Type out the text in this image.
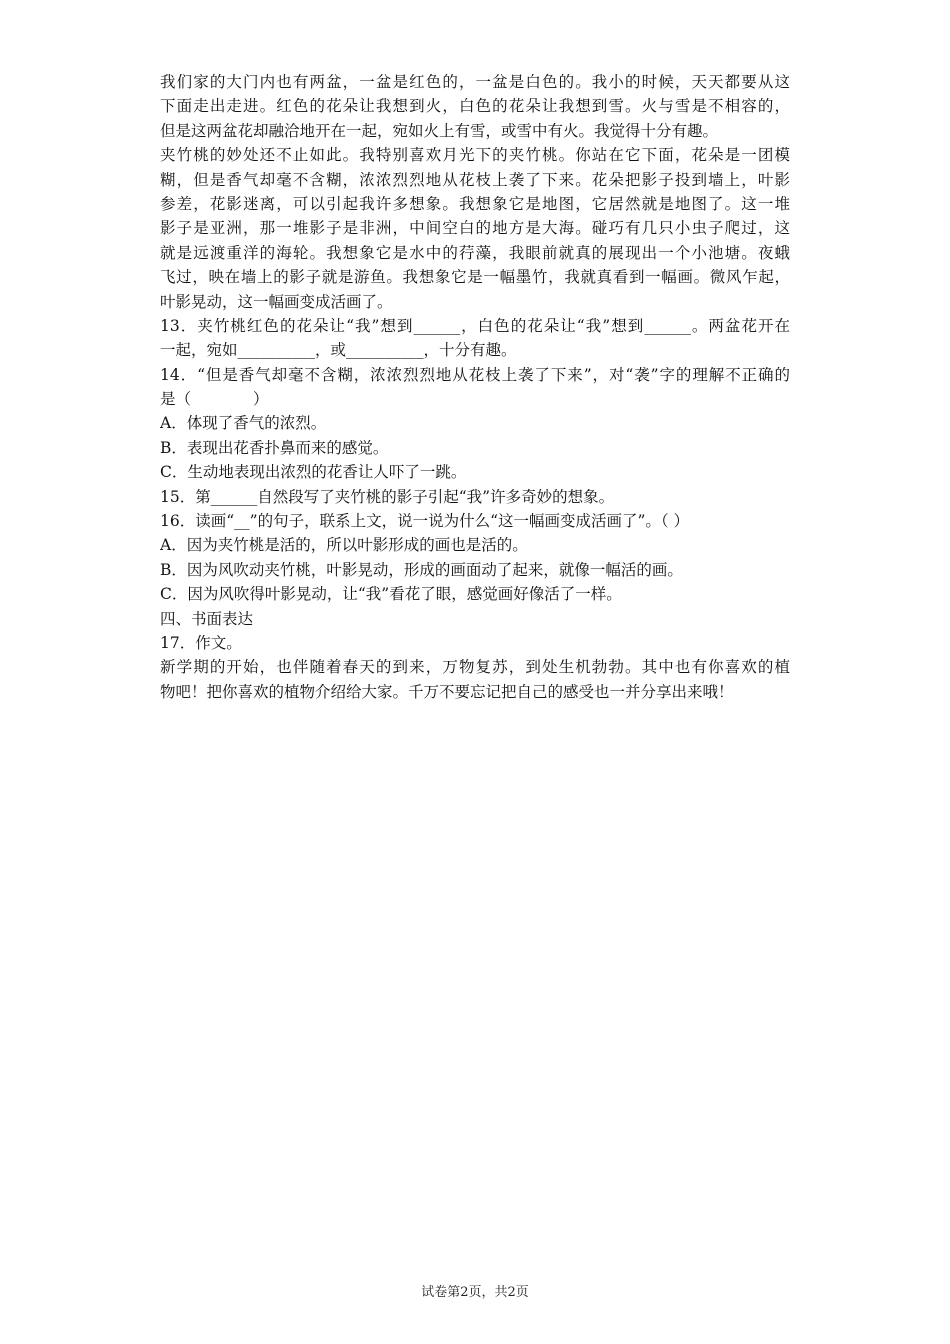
我们家的大门内也有两盆，一盆是红色的，一盆是白色的。我小的时候，天天都要从这
下面走出走进。红色的花朵让我想到火，白色的花朵让我想到雪。火与雪是不相容的，
但是这两盆花却融洽地开在一起，宛如火上有雪，或雪中有火。我觉得十分有趣。
夹竹桃的妙处还不止如此。我特别喜欢月光下的夹竹桃。你站在它下面，花朵是一团模
糊，但是香气却毫不含糊，浓浓烈烈地从花枝上袭了下来。花朵把影子投到墙上，叶影
参差，花影迷离，可以引起我许多想象。我想象它是地图，它居然就是地图了。这一堆
影子是亚洲，那一堆影子是非洲，中间空白的地方是大海。碰巧有几只小虫子爬过，这
就是远渡重洋的海轮。我想象它是水中的荇藻，我眼前就真的展现出一个小池塘。夜蛾
飞过，映在墙上的影子就是游鱼。我想象它是一幅墨竹，我就真看到一幅画。微风乍起，
叶影晃动，这一幅画变成活画了。
13．夹竹桃红色的花朵让“我”想到______，白色的花朵让“我”想到______。两盆花开在
一起，宛如__________，或__________，十分有趣。
14．“但是香气却毫不含糊，浓浓烈烈地从花枝上袭了下来”，对“袭”字的理解不正确的
是（　　　　）
A．体现了香气的浓烈。
B．表现出花香扑鼻而来的感觉。
C．生动地表现出浓烈的花香让人吓了一跳。
15．第______自然段写了夹竹桃的影子引起“我”许多奇妙的想象。
16．读画“__”的句子，联系上文，说一说为什么“这一幅画变成活画了”。（ ）
A．因为夹竹桃是活的，所以叶影形成的画也是活的。
B．因为风吹动夹竹桃，叶影晃动，形成的画面动了起来，就像一幅活的画。
C．因为风吹得叶影晃动，让“我”看花了眼，感觉画好像活了一样。
四、书面表达
17．作文。
新学期的开始，也伴随着春天的到来，万物复苏，到处生机勃勃。其中也有你喜欢的植
物吧！把你喜欢的植物介绍给大家。千万不要忘记把自己的感受也一并分享出来哦！
试卷第2页，共2页
